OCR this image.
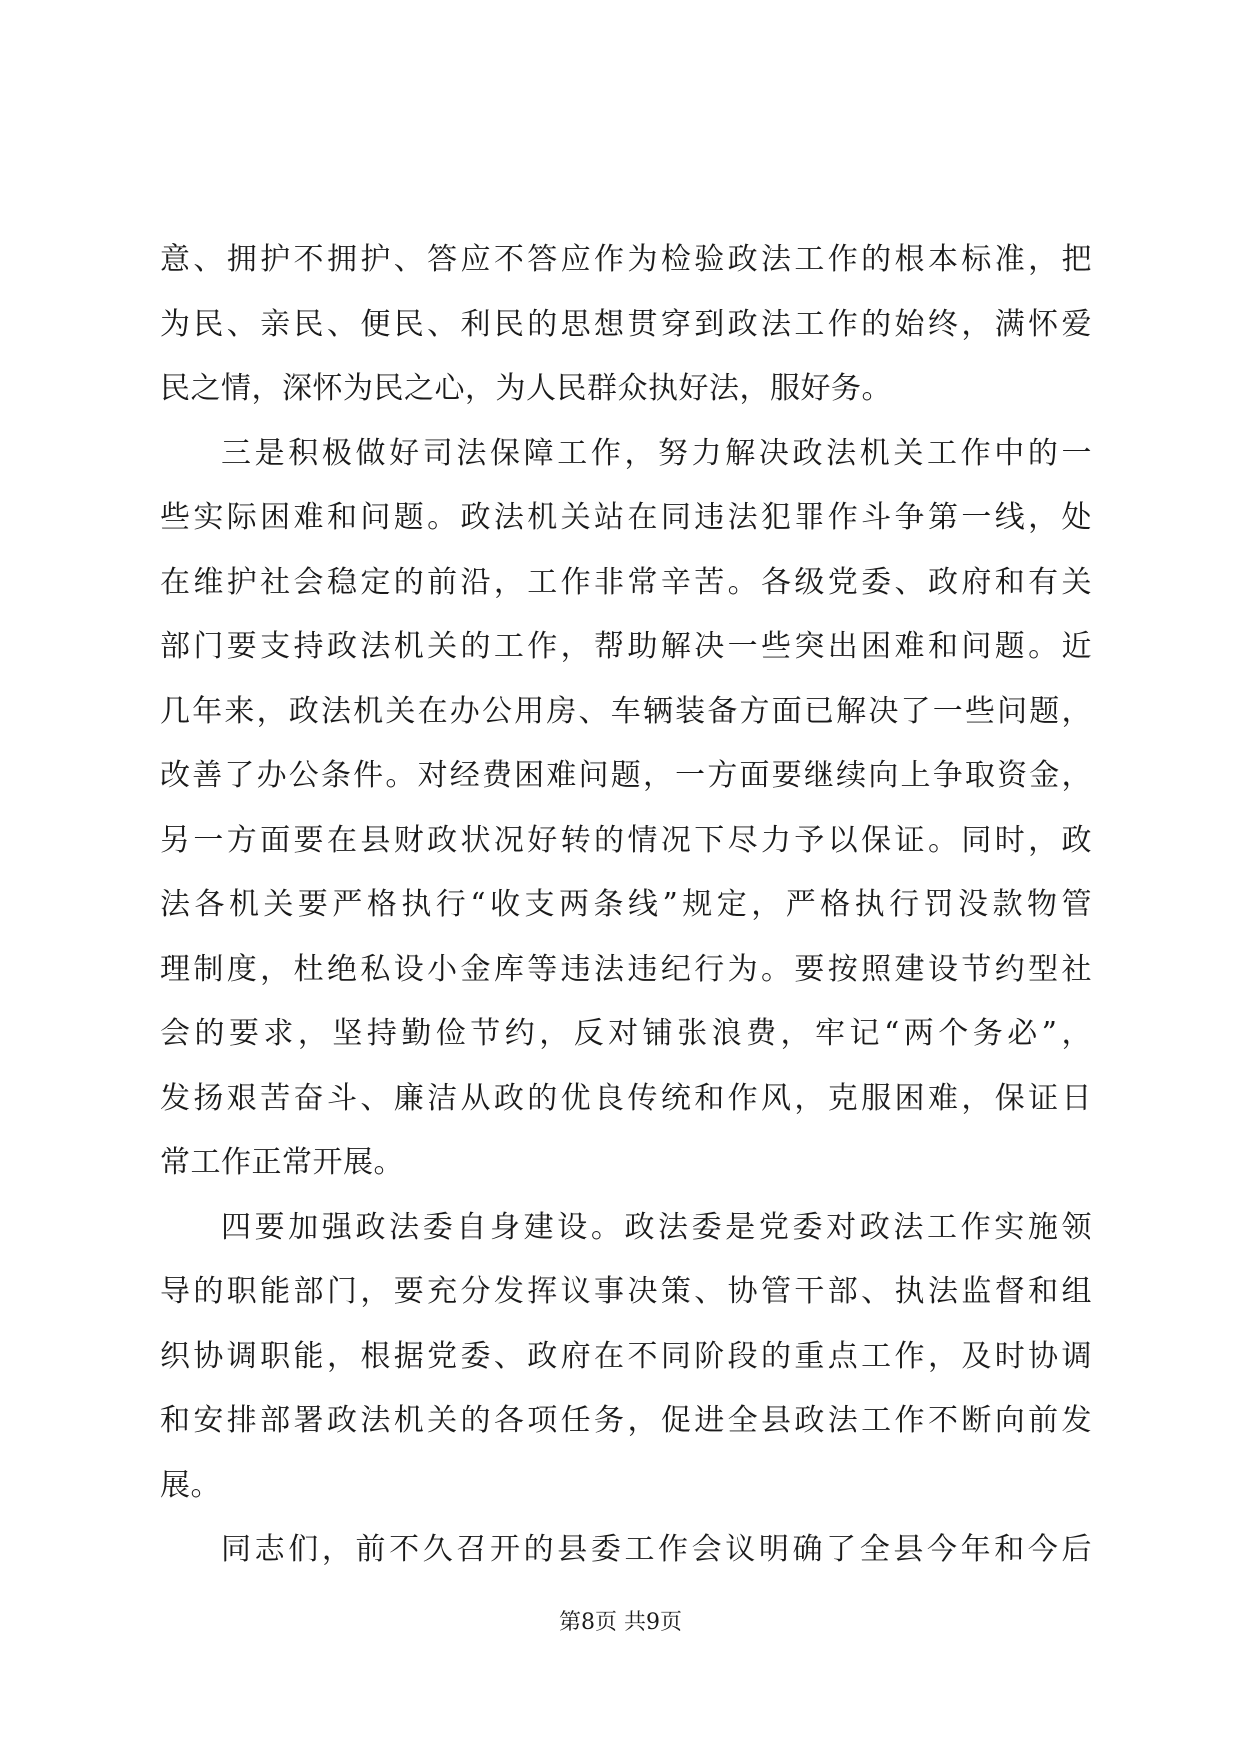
意、拥护不拥护、答应不答应作为检验政法工作的根本标准，把
为民、亲民、便民、利民的思想贯穿到政法工作的始终，满怀爱
民之情，深怀为民之心，为人民群众执好法，服好务。
三是积极做好司法保障工作，努力解决政法机关工作中的一
些实际困难和问题。政法机关站在同违法犯罪作斗争第一线，处
在维护社会稳定的前沿，工作非常辛苦。各级党委、政府和有关
部门要支持政法机关的工作，帮助解决一些突出困难和问题。近
几年来，政法机关在办公用房、车辆装备方面已解决了一些问题，
改善了办公条件。对经费困难问题，一方面要继续向上争取资金，
另一方面要在县财政状况好转的情况下尽力予以保证。同时，政
法各机关要严格执行“收支两条线”规定，严格执行罚没款物管
理制度，杜绝私设小金库等违法违纪行为。要按照建设节约型社
会的要求，坚持勤俭节约，反对铺张浪费，牢记“两个务必”，
发扬艰苦奋斗、廉洁从政的优良传统和作风，克服困难，保证日
常工作正常开展。
四要加强政法委自身建设。政法委是党委对政法工作实施领
导的职能部门，要充分发挥议事决策、协管干部、执法监督和组
织协调职能，根据党委、政府在不同阶段的重点工作，及时协调
和安排部署政法机关的各项任务，促进全县政法工作不断向前发
展。
同志们，前不久召开的县委工作会议明确了全县今年和今后
第8页 共9页
